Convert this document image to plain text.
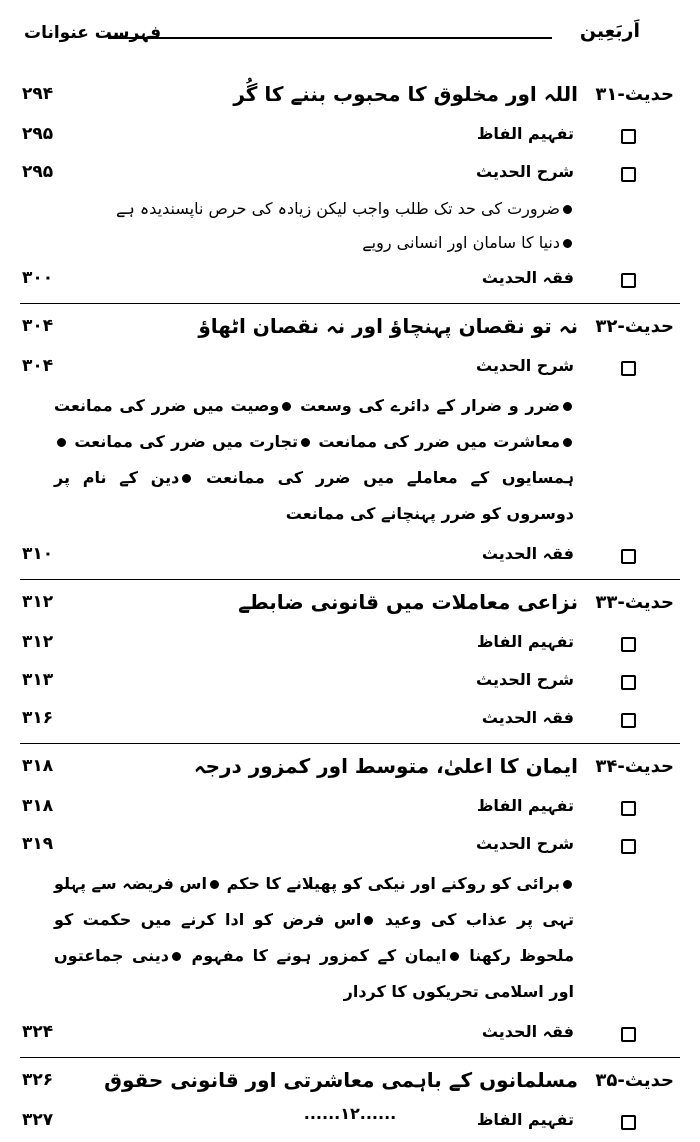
اَربَعِین
فہرست عنوانات
حدیث-۳۱
اللہ اور مخلوق کا محبوب بننے کا گُر
۲۹۴
تفہیم الفاظ
۲۹۵
شرح الحدیث
۲۹۵
ضرورت کی حد تک طلب واجب لیکن زیادہ کی حرص ناپسندیدہ ہے
دنیا کا سامان اور انسانی رویے
فقہ الحدیث
۳۰۰
حدیث-۳۲
نہ تو نقصان پہنچاؤ اور نہ نقصان اٹھاؤ
۳۰۴
شرح الحدیث
۳۰۴
ضرر و ضرار کے دائرے کی وسعت وصیت میں ضرر کی ممانعت معاشرت میں ضرر کی ممانعت تجارت میں ضرر کی ممانعت ہمسایوں کے معاملے میں ضرر کی ممانعت دین کے نام پر دوسروں کو ضرر پہنچانے کی ممانعت
فقہ الحدیث
۳۱۰
حدیث-۳۳
نزاعی معاملات میں قانونی ضابطے
۳۱۲
تفہیم الفاظ
۳۱۲
شرح الحدیث
۳۱۳
فقہ الحدیث
۳۱۶
حدیث-۳۴
ایمان کا اعلیٰ، متوسط اور کمزور درجہ
۳۱۸
تفہیم الفاظ
۳۱۸
شرح الحدیث
۳۱۹
برائی کو روکنے اور نیکی کو پھیلانے کا حکم اس فریضہ سے پہلو تہی پر عذاب کی وعید اس فرض کو ادا کرنے میں حکمت کو ملحوظ رکھنا ایمان کے کمزور ہونے کا مفہوم دینی جماعتوں اور اسلامی تحریکوں کا کردار
فقہ الحدیث
۳۲۴
حدیث-۳۵
مسلمانوں کے باہمی معاشرتی اور قانونی حقوق
۳۲۶
تفہیم الفاظ
۳۲۷	......۱۲......
